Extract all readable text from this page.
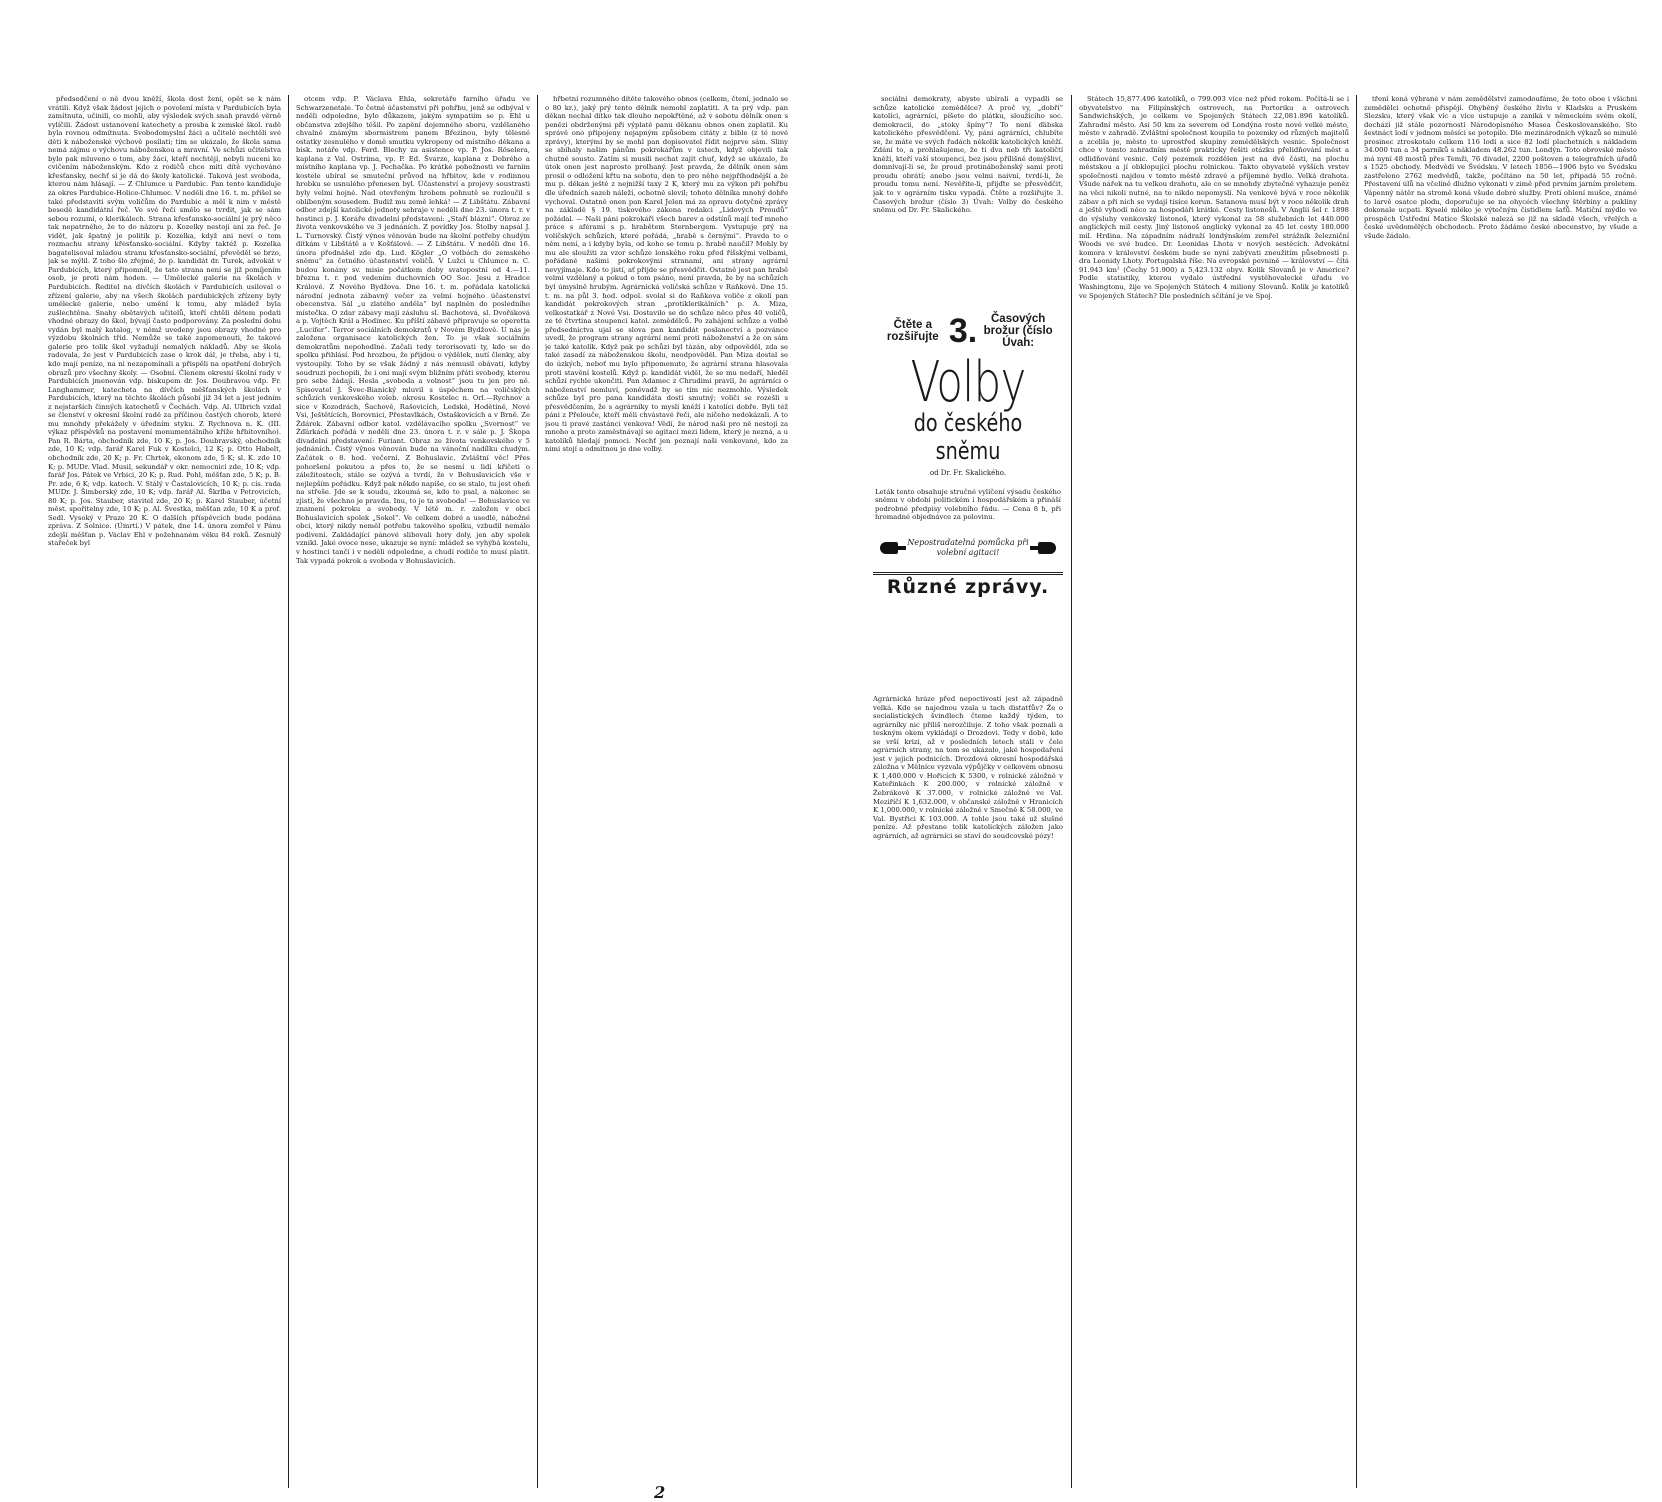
předsedčení o ně dvou kněží, škola dost žení, opět se k nám vrátili. Když však žádost jejich o povolení místa v Pardubicích byla zamítnuta, učinili, co mohli, aby výsledek svých snah pravdě věrně vylíčili. Žádost ustanovení katechety a prosba k zemské škol. radě byla rovnou odmítnuta. Svobodomyslní žáci a učitelé nechtěli své děti k náboženské výchově posílati; tím se ukázalo, že škola sama nemá zájmu o výchovu náboženskou a mravní. Ve schůzi učitelstva bylo pak mluveno o tom, aby žáci, kteří nechtějí, nebyli nuceni ke cvičením náboženským. Kdo z rodičů chce míti dítě vychováno křesťansky, nechť si je dá do školy katolické. Taková jest svoboda, kterou nám hlásají. — Z Chlumce u Pardubic. Pan tento kandiduje za okres Pardubice-Holice-Chlumec. V neděli dne 16. t. m. přišel se také představiti svým voličům do Pardubic a měl k nim v městě besedě kandidátní řeč. Ve své řeči smělo se tvrdit, jak se sám sebou rozumí, o klerikálech. Strana křesťansko-sociální je prý něco tak nepatrného, že to do názoru p. Kozelky nestojí ani za řeč. Je vidět, jak špatný je politik p. Kozelka, když ani neví o tom rozmachu strany křesťansko-sociální. Kdyby taktéž p. Kozelka bagatelisoval mladou stranu křesťansko-sociální, převěděl se brzo, jak se mýlil. Z toho šlo zřejmě, že p. kandidát dr. Turek, advokát v Pardubicích, který připomněl, že tato strana není se již pomíjením osob, je proti nám hoden. — Umělecké galerie na školách v Pardubicích. Ředitel na dívčích školách v Pardubicích usiloval o zřízení galerie, aby na všech školách pardubických zřízeny byly umělecké galerie, nebo umění k tomu, aby mládež byla zušlechtěna. Snahy obětavých učitelů, kteří chtěli dětem podati vhodné obrazy do škol, bývají často podporovány. Za poslední dobu vydán byl malý katalog, v němž uvedeny jsou obrazy vhodné pro výzdobu školních tříd. Nemůže se také zapomenouti, že takové galerie pro tolik škol vyžadují nemalých nákladů. Aby se škola radovala, že jest v Pardubicích zase o krok dál, je třeba, aby i ti, kdo mají peníze, na ni nezapomínali a přispěli na opatření dobrých obrazů pro všechny školy. — Osobní. Členem okresní školní rady v Pardubicích jmenován vdp. biskupem dr. Jos. Doubravou vdp. Fr. Langhammer, katecheta na dívčích měšťanských školách v Pardubicích, který na těchto školách působí již 34 let a jest jedním z nejstarších činných katechetů v Čechách. Vdp. Al. Ulbrich vzdal se členství v okresní školní radě za příčinou častých chorob, které mu mnohdy překážely v úředním styku. Z Rychnova n. K. (III. výkaz příspěvků na postavení monumentálního kříže hřbitovního). Pan R. Bárta, obchodník zde, 10 K; p. Jos. Doubravský, obchodník zde, 10 K; vdp. farář Karel Fuk v Kostelci, 12 K; p. Otto Habelt, obchodník zde, 20 K; p. Fr. Chrtek, ekonom zde, 5 K; sl. K. zde 10 K; p. MUDr. Vlad. Musil, sekundář v okr. nemocnici zde, 10 K; vdp. farář Jos. Pátek ve Vrbici, 20 K; p. Rud. Pohl, měšťan zde, 5 K; p. B. Pr. zde, 6 K; vdp. katech. V. Stálý v Častalovicích, 10 K; p. cís. rada MUDr. J. Šimberský zde, 10 K; vdp. farář Al. Škrlba v Petrovicích, 80 K; p. Jos. Stauber, stavitel zde, 20 K; p. Karel Stauber, účetní měst. spořitelny zde, 10 K; p. Al. Švestka, měšťan zde, 10 K a prof. Sedl. Vysoký v Praze 20 K. O dalších příspěvcích bude podána zpráva. Z Solnice. (Úmrtí.) V pátek, dne 14. února zemřel v Pánu zdejší měšťan p. Václav Ehl v požehnaném věku 84 roků. Zesnulý stařeček byl

otcem vdp. P. Václava Ehla, sekretáře farního úřadu ve Schwarzenetale. To četné účastenství při pohřbu, jenž se odbýval v neděli odpoledne, bylo důkazem, jakým sympatiím se p. Ehl u občanstva zdejšího těšil. Po zapění dojemného sboru, vzdělaného chvalně známým sbormistrem panem Březinou, byly tělesné ostatky zesnulého v domě smutku vykropeny od místního děkana a bisk. notáře vdp. Ferd. Blechy za asistence vp. P. Jos. Röselera, kaplana z Val. Ostrima, vp. P. Ed. Švarze, kaplana z Dobrého a místního kaplana vp. J. Pechačka. Po krátké pobožnosti ve farním kostele ubíral se smuteční průvod na hřbitov, kde v rodinnou hrobku se usnulého přenesen byl. Účastenství a projevy soustrasti byly velmi hojné. Nad otevřeným hrobem pohnutě se rozloučil s oblíbeným sousedem. Budiž mu země lehká! — Z Libštátu. Zábavní odbor zdejší katolické jednoty sehraje v neděli dne 23. února t. r. v hostinci p. J. Koráře divadelní představení: „Staří blázni“. Obraz ze života venkovského ve 3 jednáních. Z povídky Jos. Štolby napsal J. L. Turnovský. Čistý výnos věnován bude na školní potřeby chudým dítkám v Libštátě a v Košťálově. — Z Libštátu. V neděli dne 16. února přednášel zde dp. Lud. Kögler „O volbách do zemského sněmu“ za četného účastenství voličů. V Lužci u Chlumce n. C. budou konány sv. misie počátkem doby svatopostní od 4.—11. března t. r. pod vedením duchovních OO Soc. Jesu z Hradce Králové. Z Nového Bydžova. Dne 16. t. m. pořádala katolická národní jednota zábavný večer za velmi hojného účastenství obecenstva. Sál „u zlatého anděla“ byl naplněn do posledního místečka. O zdar zábavy mají zásluhu sl. Bachotová, sl. Dvořáková a p. Vojtěch Král a Hodinec. Ku příští zábavě připravuje se operetta „Lucifer“. Terror sociálních demokratů v Novém Bydžově. U nás je založena organisace katolických žen. To je však sociálním demokratům nepohodlné. Začali tedy terorisovati ty, kdo se do spolku přihlásí. Pod hrozbou, že přijdou o výdělek, nutí členky, aby vystoupily. Toho by se však žádný z nás nemusil obávati, kdyby soudruzi pochopili, že i oni mají svým bližním přáti svobody, kterou pro sebe žádají. Hesla „svoboda a volnost“ jsou tu jen pro ně. Spisovatel J. Švec-Bianický mluvil s úspěchem na voličských schůzích venkovského voleb. okresu Kostelec n. Orl.—Rychnov a sice v Kozodrách, Šachově, Rašovicích, Ledské, Hodětíně, Nové Vsi, Ještětících, Borovnici, Přestavlkách, Ostaškovicích a v Brně. Ze Ždárek. Zábavní odbor katol. vzdělávacího spolku „Svornost“ ve Žďárkách pořádá v neděli dne 23. února t. r. v sále p. J. Škopa divadelní představení: Furiant. Obraz ze života venkovského v 5 jednáních. Čistý výnos věnován bude na vánoční nadílku chudým. Začátek o 8. hod. večerní. Z Bohuslavic. Zvláštní věc! Přes pohoršení pokutou a přes to, že se nesmí u lidí křičeti o záležitostech, stále se ozývá a tvrdí, že v Bohuslavicích vše v nejlepším pořádku. Když pak někdo napíše, co se stalo, tu jest oheň na střeše. Jde se k soudu, zkoumá se, kdo to psal, a nakonec se zjistí, že všechno je pravda. Inu, to je ta svoboda! — Bohuslavice ve znamení pokroku a svobody. V létě m. r. založen v obci Bohuslavicích spolek „Sokol“. Ve celkem dobré a usedlé, nábožné obci, který nikdy neměl potřebu takového spolku, vzbudil nemálo podivení. Zakládající pánové slibovali hory doly, jen aby spolek vznikl. Jaké ovoce nese, ukazuje se nyní: mládež se vyhýbá kostelu, v hostinci tančí i v neděli odpoledne, a chudí rodiče to musí platit. Tak vypadá pokrok a svoboda v Bohuslavicích.

hřbetní rozumného dítěte takového obnos (celkem, čtení, jednalo se o 80 kr.), jaký prý tento dělník nemohl zaplatiti. A ta prý vdp. pan děkan nechal dítko tak dlouho nepokřtěné, až v sobotu dělník onen s penězi obdrženými při výplatě panu děkanu obnos onen zaplatil. Ku správě ono připojeny nejapným způsobem citáty z bible (z té nové zprávy), kterými by se mohl pan dopisovatel řídit nejprve sám. Sliny se sbíhaly našim pánům pokrokářům v ústech, když objevili tak chutné sousto. Zatím si musili nechat zajít chuť, když se ukázalo, že útok onen jest naprosto prolhaný. Jest pravda, že dělník onen sám prosil o odložení křtu na sobotu, den to pro něho nejpříhodnější a že mu p. děkan ještě z nejnižší taxy 2 K, který mu za výkon při pohřbu dle úředních sazeb náleží, ochotně slevil; tohoto dělníka mnohý dobře vychoval. Ostatně onen pan Karel Jelen má za opravu dotyčné zprávy na základě § 19. tiskového zákona redakci „Lidových Proudů“ požádal. — Naši páni pokrokáři všech barev a odstínů mají teď mnoho práce s aférami s p. hrabětem Sternbergem. Vystupuje prý na voličských schůzích, které pořádá, „hrabě s černými“. Pravda to o něm není, a i kdyby byla, od koho se tomu p. hrabě naučil? Mohly by mu ale sloužiti za vzor schůze lonského roku před říšskými volbami, pořádané našimi pokrokovými stranami, ani strany agrární nevyjímaje. Kdo to jistí, ať přijde se přesvědčit. Ostatně jest pan hrabě velmi vzdělaný a pokud o tom psáno, není pravda, že by na schůzích byl úmyslně hrubým. Agrárnická voličská schůze v Raňkově. Dne 15. t. m. na půl 3. hod. odpol. svolal si do Raňkova voliče z okolí pan kandidát pokrokových stran „protiklerikálních“ p. A. Miza, velkostatkář z Nové Vsi. Dostavilo se do schůze něco přes 40 voličů, ze té čtvrtina stoupenci katol. zemědělců. Po zahájení schůze a volbě předsednictva ujal se slova pan kandidát poslanectví a pozvánce uvedl, že program strany agrární nemí proti náboženství a že on sám je také katolík. Když pak po schůzi byl tázán, aby odpověděl, zda se také zasadí za náboženskou školu, neodpověděl. Pan Miza dostal se do úzkých, neboť mu bylo připomenuto, že agrární strana hlasovala proti stavění kostelů. Když p. kandidát viděl, že se mu nedaří, hleděl schůzi rychle ukončiti. Pan Adamec z Chrudimi pravil, že agrárníci o náboženství nemluví, poněvadž by se tím nic nezmohlo. Výsledek schůze byl pro pana kandidáta dosti smutný; voliči se rozešli s přesvědčením, že s agrárníky to myslí kněží i katolíci dobře. Byli též páni z Přelouče, kteří měli chvástavé řeči, ale ničeho nedokázali. A to jsou ti pravé zastánci venkova! Vědí, že národ naši pro ně nestojí za mnoho a proto zaměstnávají se agitací mezi lidem, který je nezná, a u katolíků hledají pomoci. Nechť jen poznají naši venkované, kdo za nimi stojí a odmítnou je dne volby.

2

sociální demokraty, abyste ubírali a vypadli se schůze katolické zemědělce? A proč vy, „dobří“ katolíci, agrárníci, píšete do plátku, sloužícího soc. demokracii, do „stoky špíny“? To není ďábska katolického přesvědčení. Vy, páni agrárníci, chlubíte se, že máte ve svých řadách několik katolických kněží. Zdání to, a prohlašujeme, že ti dva neb tři katoličtí kněží, kteří vaší stoupenci, bez jsou přílišně domýšliví, domnívají-li se, že proud protináboženský sami proti proudu obrátí; anebo jsou velmi naivní, tvrdí-li, že proudu tomu není. Nevěříte-li, přijďte se přesvědčit, jak to v agrárním tisku vypadá. Čtěte a rozšiřujte 3. Časových brožur (číslo 3) Úvah: Volby do českého sněmu od Dr. Fr. Skalického.

Čtěte a rozšiřujte 3.	Časových brožur (číslo Úvah:
Volby
do českého sněmu
od Dr. Fr. Skalického.
Leták tento obsahuje stručné vylíčení výsadu českého sněmu v období politickém i hospodářském a přináší podrobné předpisy volebního řádu. — Cena 8 h, při hromadné objednávce za polovinu.
Nepostradatelná pomůcka při volební agitaci!
Různé zprávy.
Agrárnická hráze před nepoctivostí jest až západně velká. Kde se najednou vzala u tach distatťův? Že o socialistických švindlech čteme každý týden, to agrárníky nic příliš nerozčiluje. Z toho však poznali a teskným okem vykládají o Drozdovi. Tedy v době, kde se vrší krizi, až v posledních letech stáli v čele agrárních strany, na tom se ukázalo, jaké hospodaření jest v jejich podnicích. Drozdová okresní hospodářská záložna v Mělníce vyzvala výpůjčky v celkovém obnosu K 1,400.000 v Hořicích K 5300, v rolnické záložně v Kateřinkách K 200.000, v rolnické záložně v Žebrákově K 37.000, v rolnické záložně ve Val. Meziříčí K 1,632.000, v občanské záložně v Hranicích K 1,000.000, v rolnické záložně v Smečně K 58.000, ve Val. Bystřici K 103.000. A tohle jsou také už slušné peníze. Až přestane tolik katolických záložen jako agrárních, až agrárníci se staví do soudcovské pózy!

Státech 15,877.496 katolíků, o 799.093 více než před rokem. Počítá-li se i obyvatelstvo na Filipínských ostrovech, na Portoriku a ostrovech Sandwichských, je celkem ve Spojených Státech 22,081.896 katolíků. Zahradní město. Asi 50 km za severem od Londýna roste nové velké město, město v zahradě. Zvláštní společnost koupila to pozemky od různých majitelů a zcelila je, město to uprostřed skupiny zemědělských vesnic. Společnost chce v tomto zahradním městě prakticky řešiti otázku přelidňování měst a odlidňování vesnic. Celý pozemek rozdělen jest na dvě části, na plochu městskou a jí obklopující plochu rolnickou. Takto obyvatelé vyšších vrstev společnosti najdou v tomto městě zdravé a příjemné bydlo. Velká drahota. Všude nářek na tu velkou drahotu, ale co se mnohdy zbytečně vyhazuje peněz na věci nikoli nutné, na to nikdo nepomyslí. Na venkově bývá v roce několik zábav a při nich se vydají tisíce korun. Satanova musí být v roce několik drah a ještě vyhodí něco za hospodáři krátké. Cesty listonošů. V Anglii šel r. 1898 do výsluhy venkovský listonoš, který vykonal za 58 služebních let 440.000 anglických mil cesty. Jiný listonoš anglický vykonal za 45 let cesty 180.000 mil. Hrdina. Na západním nádraží londýnském zemřel strážník železniční Woods ve své budce. Dr. Leonidas Lhota v nových sestěcích. Advokátní komora v království českém bude se nyní zabývati zneužitím působností p. dra Leonidy Lhoty. Portugalská říše. Na evropské pevnině — království — čítá 91.943 km² (Čechy 51.900) a 5,423.132 obyv. Kolik Slovanů je v Americe? Podle statistiky, kterou vydalo ústřední vystěhovalecké úřadu ve Washingtonu, žije ve Spojených Státech 4 miliony Slovanů. Kolik je katolíků ve Spojených Státech? Dle posledních sčítání je ve Spoj.

tření koná výbrané v nám zemědělství zamodoufáme, že toto oboe i všichni zemědělci ochotně přispějí. Ohyběný českého živlu v Kladsku a Pruském Slezsku, který však víc a více ustupuje a zaniká v německém svém okolí, dochází již stále pozorností Národopisného Musea Českoslovanského. Sto šestnáct lodí v jednom měsíci se potopilo. Dle mezinárodních výkazů se minulé prosinec ztroskotalo celkem 116 lodí a sice 82 lodí plachetních s nákladem 34.000 tun a 34 parníků s nákladem 48.262 tun. Londýn. Toto obrovské město má nyní 48 mostů přes Temži, 76 divadel, 2200 poštoven a telegrafních úřadů s 1525 obchody. Medvědi ve Švédsku. V letech 1856—1906 bylo ve Švédsku zastřeleno 2762 medvědů, takže, počítáno na 50 let, připadá 55 ročně. Přestavení úlů na včelíně dlužno vykonati v zimě před prvním jarním proletem. Vápenný nátěr na stromě koná všude dobré služby. Proti oblení mušce, známé to larvě osatce plodu, doporučuje se na ohycéch všechny štěrbiny a pukliny dokonale ucpati. Kyselé mléko je výtečným čistidlem šaťů. Matiční mýdlo ve prospěch Ústřední Matice Školské nalezá se již na skladě všech, vřelých a české uvědomělých obchodech. Proto žádáme české obecenstvo, by všude a všude žádalo.
